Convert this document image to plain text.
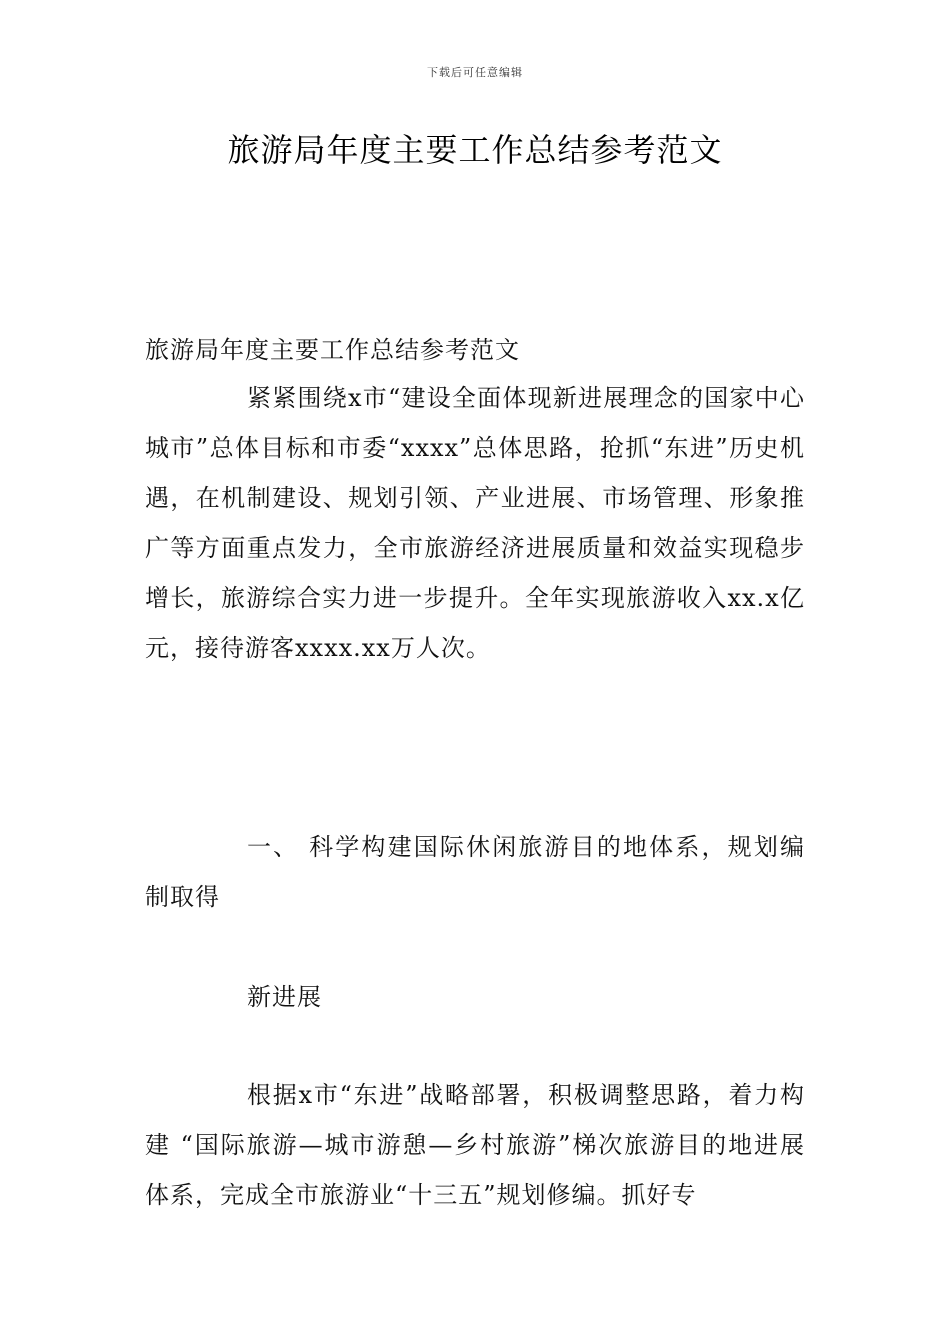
下载后可任意编辑
旅游局年度主要工作总结参考范文
旅游局年度主要工作总结参考范文
紧紧围绕x市“建设全面体现新进展理念的国家中心城市”总体目标和市委“xxxx”总体思路，抢抓“东进”历史机遇，在机制建设、规划引领、产业进展、市场管理、形象推广等方面重点发力，全市旅游经济进展质量和效益实现稳步增长，旅游综合实力进一步提升。全年实现旅游收入xx.x亿元，接待游客xxxx.xx万人次。
一、 科学构建国际休闲旅游目的地体系，规划编制取得
新进展
根据x市“东进”战略部署，积极调整思路，着力构建 “国际旅游—城市游憩—乡村旅游”梯次旅游目的地进展体系，完成全市旅游业“十三五”规划修编。抓好专
